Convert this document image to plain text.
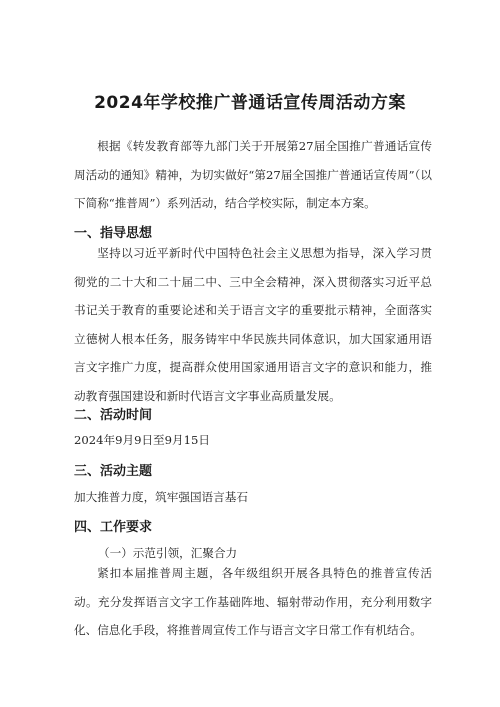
2024年学校推广普通话宣传周活动方案
根据《转发教育部等九部门关于开展第27届全国推广普通话宣传周活动的通知》精神，为切实做好“第27届全国推广普通话宣传周”（以下简称“推普周”）系列活动，结合学校实际，制定本方案。
一、指导思想
坚持以习近平新时代中国特色社会主义思想为指导，深入学习贯彻党的二十大和二十届二中、三中全会精神，深入贯彻落实习近平总书记关于教育的重要论述和关于语言文字的重要批示精神，全面落实立德树人根本任务，服务铸牢中华民族共同体意识，加大国家通用语言文字推广力度，提高群众使用国家通用语言文字的意识和能力，推动教育强国建设和新时代语言文字事业高质量发展。
二、活动时间
2024年9月9日至9月15日
三、活动主题
加大推普力度，筑牢强国语言基石
四、工作要求
（一）示范引领，汇聚合力
紧扣本届推普周主题，各年级组织开展各具特色的推普宣传活动。充分发挥语言文字工作基础阵地、辐射带动作用，充分利用数字化、信息化手段，将推普周宣传工作与语言文字日常工作有机结合。
